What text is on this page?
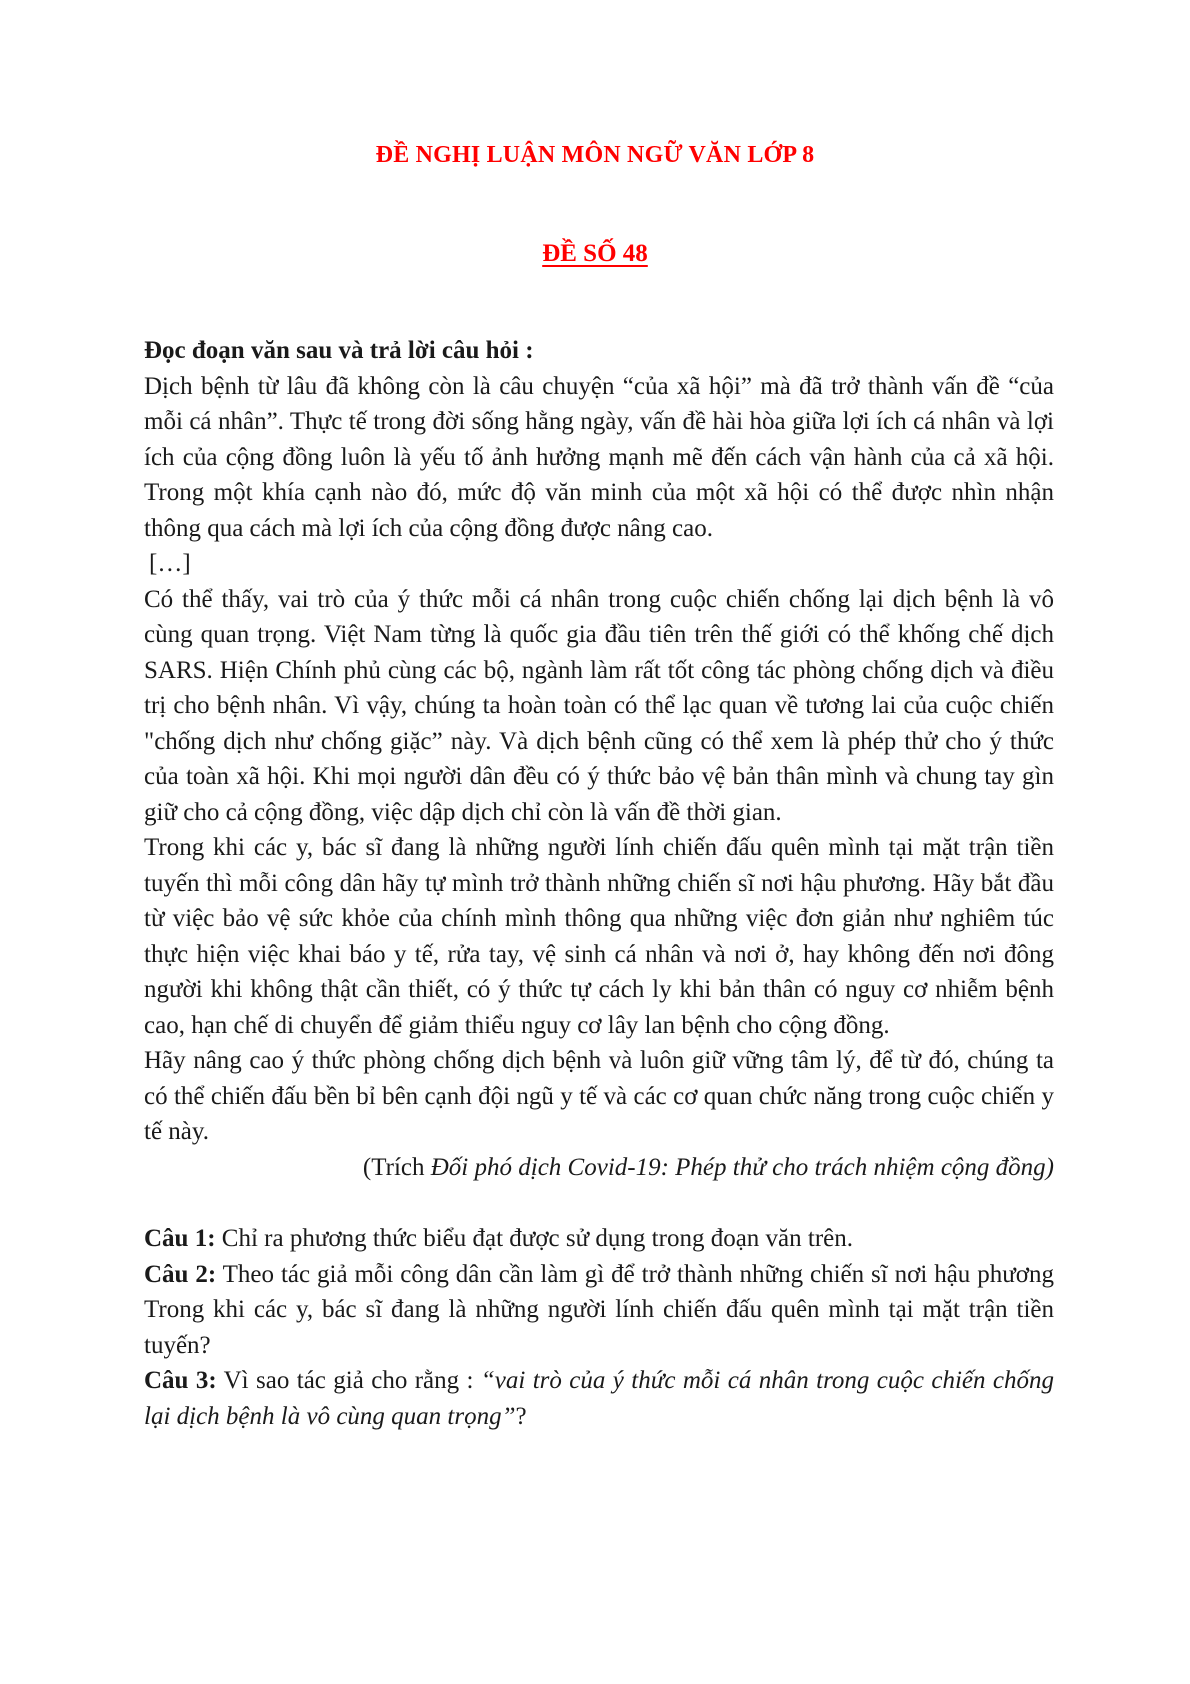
ĐỀ NGHỊ LUẬN MÔN NGỮ VĂN LỚP 8
ĐỀ SỐ 48

Đọc đoạn văn sau và trả lời câu hỏi :

Dịch bệnh từ lâu đã không còn là câu chuyện “của xã hội” mà đã trở thành vấn đề “của mỗi cá nhân”. Thực tế trong đời sống hằng ngày, vấn đề hài hòa giữa lợi ích cá nhân và lợi ích của cộng đồng luôn là yếu tố ảnh hưởng mạnh mẽ đến cách vận hành của cả xã hội. Trong một khía cạnh nào đó, mức độ văn minh của một xã hội có thể được nhìn nhận thông qua cách mà lợi ích của cộng đồng được nâng cao.

[…]

Có thể thấy, vai trò của ý thức mỗi cá nhân trong cuộc chiến chống lại dịch bệnh là vô cùng quan trọng. Việt Nam từng là quốc gia đầu tiên trên thế giới có thể khống chế dịch SARS. Hiện Chính phủ cùng các bộ, ngành làm rất tốt công tác phòng chống dịch và điều trị cho bệnh nhân. Vì vậy, chúng ta hoàn toàn có thể lạc quan về tương lai của cuộc chiến "chống dịch như chống giặc” này. Và dịch bệnh cũng có thể xem là phép thử cho ý thức của toàn xã hội. Khi mọi người dân đều có ý thức bảo vệ bản thân mình và chung tay gìn giữ cho cả cộng đồng, việc dập dịch chỉ còn là vấn đề thời gian.

Trong khi các y, bác sĩ đang là những người lính chiến đấu quên mình tại mặt trận tiền tuyến thì mỗi công dân hãy tự mình trở thành những chiến sĩ nơi hậu phương. Hãy bắt đầu từ việc bảo vệ sức khỏe của chính mình thông qua những việc đơn giản như nghiêm túc thực hiện việc khai báo y tế, rửa tay, vệ sinh cá nhân và nơi ở, hay không đến nơi đông người khi không thật cần thiết, có ý thức tự cách ly khi bản thân có nguy cơ nhiễm bệnh cao, hạn chế di chuyển để giảm thiểu nguy cơ lây lan bệnh cho cộng đồng.

Hãy nâng cao ý thức phòng chống dịch bệnh và luôn giữ vững tâm lý, để từ đó, chúng ta có thể chiến đấu bền bỉ bên cạnh đội ngũ y tế và các cơ quan chức năng trong cuộc chiến y tế này.

(Trích Đối phó dịch Covid-19: Phép thử cho trách nhiệm cộng đồng)

Câu 1: Chỉ ra phương thức biểu đạt được sử dụng trong đoạn văn trên.

Câu 2: Theo tác giả mỗi công dân cần làm gì để trở thành những chiến sĩ nơi hậu phương Trong khi các y, bác sĩ đang là những người lính chiến đấu quên mình tại mặt trận tiền tuyến?

Câu 3: Vì sao tác giả cho rằng : “vai trò của ý thức mỗi cá nhân trong cuộc chiến chống lại dịch bệnh là vô cùng quan trọng”?
